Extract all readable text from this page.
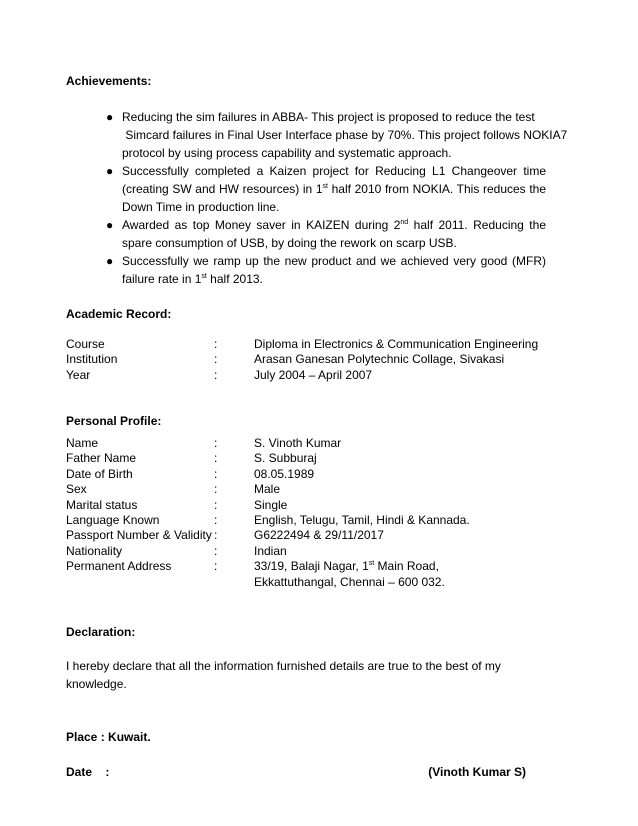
Achievements:
● Reducing the sim failures in ABBA- This project is proposed to reduce the test
Simcard failures in Final User Interface phase by 70%. This project follows NOKIA7
protocol by using process capability and systematic approach.
● Successfully completed a Kaizen project for Reducing L1 Changeover time (creating SW and HW resources) in 1st half 2010 from NOKIA. This reduces the Down Time in production line.
● Awarded as top Money saver in KAIZEN during 2nd half 2011. Reducing the spare consumption of USB, by doing the rework on scarp USB.
● Successfully we ramp up the new product and we achieved very good (MFR) failure rate in 1st half 2013.
Academic Record:
Course	:	Diploma in Electronics & Communication Engineering
Institution	:	Arasan Ganesan Polytechnic Collage, Sivakasi
Year	:	July 2004 – April 2007
Personal Profile:
Name	:	S. Vinoth Kumar
Father Name	:	S. Subburaj
Date of Birth	:	08.05.1989
Sex	:	Male
Marital status	:	Single
Language Known	:	English, Telugu, Tamil, Hindi & Kannada.
Passport Number & Validity :	G6222494 & 29/11/2017
Nationality	:	Indian
Permanent Address	:	33/19, Balaji Nagar, 1st Main Road,
Ekkattuthangal, Chennai – 600 032.
Declaration:
I hereby declare that all the information furnished details are true to the best of my knowledge.
Place : Kuwait.
Date    :	(Vinoth Kumar S)
